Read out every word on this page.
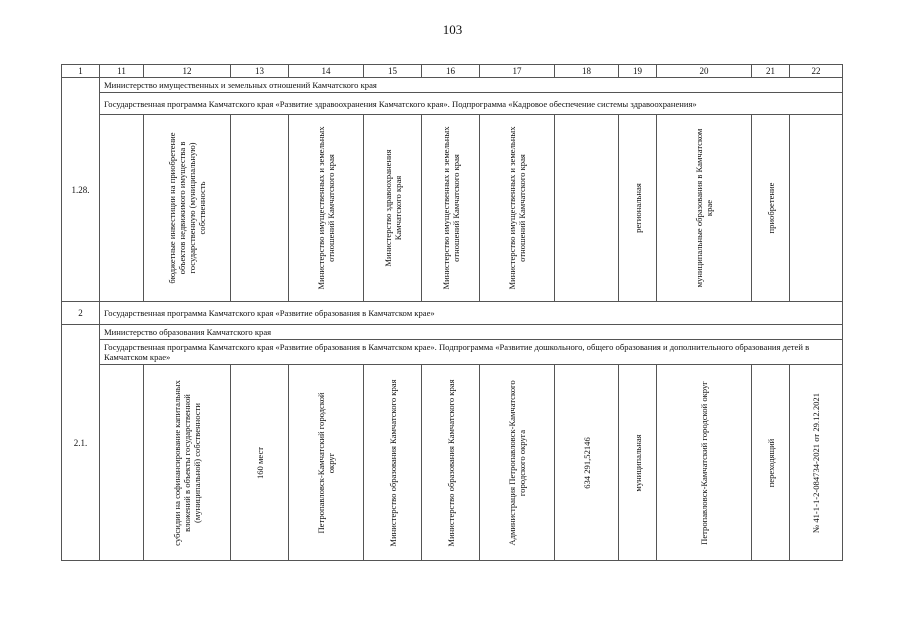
103
1	11	12	13	14	15	16	17	18	19	20	21	22
1.28.	Министерство имущественных и земельных отношений Камчатского края											
	Государственная программа Камчатского края «Развитие здравоохранения Камчатского края». Подпрограмма «Кадровое обеспечение системы здравоохранения»											

		бюджетные инвестиции на приобретение объектов недвижимого имущества в государственную (муниципальную) собственность		Министерство имущественных и земельных отношений Камчатского края	Министерство здравоохранения Камчатского края	Министерство имущественных и земельных отношений Камчатского края	Министерство имущественных и земельных отношений Камчатского края		региональная	муниципальные образования в Камчатском крае	приобретение	

2	Государственная программа Камчатского края «Развитие образования в Камчатском крае»											
2.1.	Министерство образования Камчатского края											
	Государственная программа Камчатского края «Развитие образования в Камчатском крае». Подпрограмма «Развитие дошкольного, общего образования и дополнительного образования детей в Камчатском крае»											

		субсидии на софинансирование капитальных вложений в объекты государственной (муниципальной) собственности	160 мест	Петропавловск-Камчатский городской округ	Министерство образования Камчатского края	Министерство образования Камчатского края	Администрация Петропавловск-Камчатского городского округа	634 291,52146	муниципальная	Петропавловск-Камчатский городской округ	переходящий	№ 41-1-1-2-084734-2021 от 29.12.2021
